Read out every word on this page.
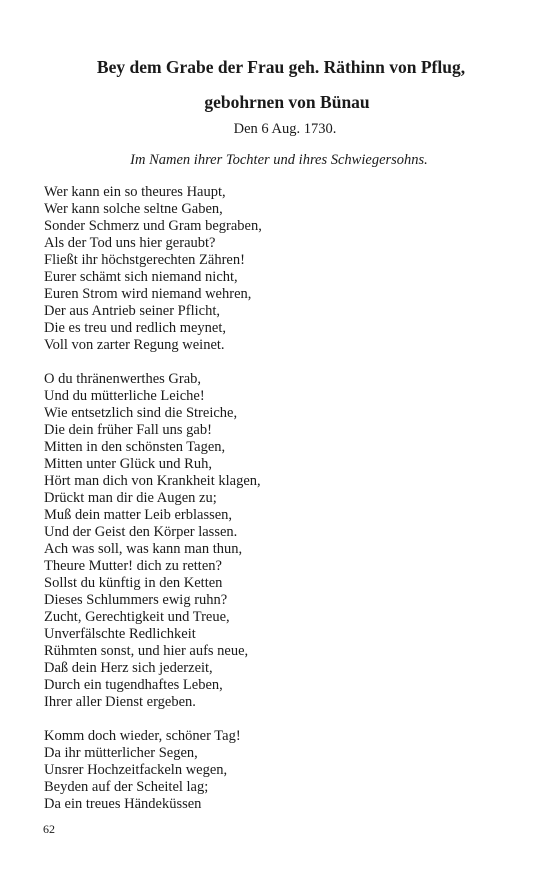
Bey dem Grabe der Frau geh. Räthinn von Pflug,
gebohrnen von Bünau
Den 6 Aug. 1730.
Im Namen ihrer Tochter und ihres Schwiegersohns.
Wer kann ein so theures Haupt,
Wer kann solche seltne Gaben,
Sonder Schmerz und Gram begraben,
Als der Tod uns hier geraubt?
Fließt ihr höchstgerechten Zähren!
Eurer schämt sich niemand nicht,
Euren Strom wird niemand wehren,
Der aus Antrieb seiner Pflicht,
Die es treu und redlich meynet,
Voll von zarter Regung weinet.
O du thränenwerthes Grab,
Und du mütterliche Leiche!
Wie entsetzlich sind die Streiche,
Die dein früher Fall uns gab!
Mitten in den schönsten Tagen,
Mitten unter Glück und Ruh,
Hört man dich von Krankheit klagen,
Drückt man dir die Augen zu;
Muß dein matter Leib erblassen,
Und der Geist den Körper lassen.
Ach was soll, was kann man thun,
Theure Mutter! dich zu retten?
Sollst du künftig in den Ketten
Dieses Schlummers ewig ruhn?
Zucht, Gerechtigkeit und Treue,
Unverfälschte Redlichkeit
Rühmten sonst, und hier aufs neue,
Daß dein Herz sich jederzeit,
Durch ein tugendhaftes Leben,
Ihrer aller Dienst ergeben.
Komm doch wieder, schöner Tag!
Da ihr mütterlicher Segen,
Unsrer Hochzeitfackeln wegen,
Beyden auf der Scheitel lag;
Da ein treues Händeküssen
62
